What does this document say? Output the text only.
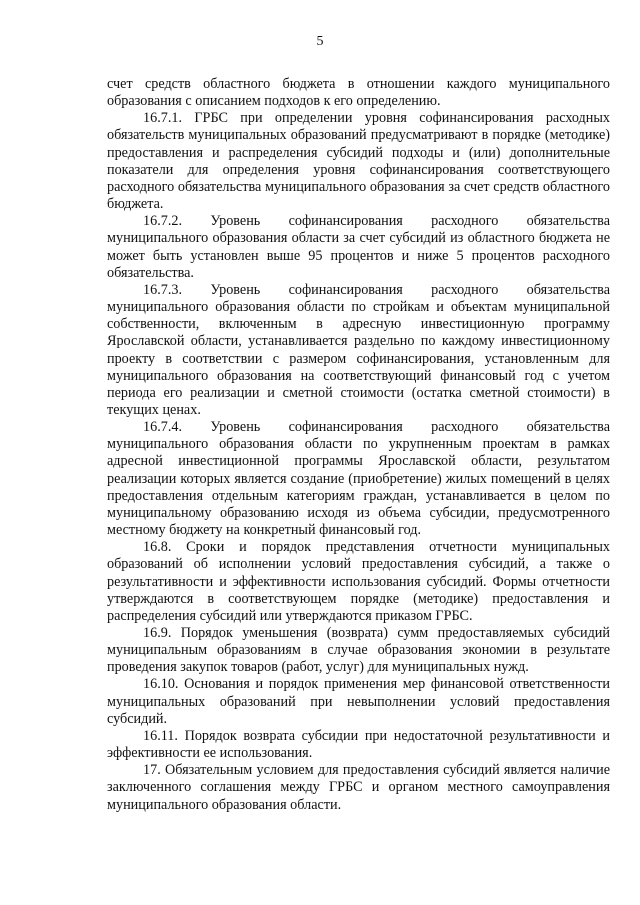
5

счет средств областного бюджета в отношении каждого муниципального образования с описанием подходов к его определению.

16.7.1. ГРБС при определении уровня софинансирования расходных обязательств муниципальных образований предусматривают в порядке (методике) предоставления и распределения субсидий подходы и (или) дополнительные показатели для определения уровня софинансирования соответствующего расходного обязательства муниципального образования за счет средств областного бюджета.

16.7.2. Уровень софинансирования расходного обязательства муниципального образования области за счет субсидий из областного бюджета не может быть установлен выше 95 процентов и ниже 5 процентов расходного обязательства.

16.7.3. Уровень софинансирования расходного обязательства муниципального образования области по стройкам и объектам муниципальной собственности, включенным в адресную инвестиционную программу Ярославской области, устанавливается раздельно по каждому инвестиционному проекту в соответствии с размером софинансирования, установленным для муниципального образования на соответствующий финансовый год с учетом периода его реализации и сметной стоимости (остатка сметной стоимости) в текущих ценах.

16.7.4. Уровень софинансирования расходного обязательства муниципального образования области по укрупненным проектам в рамках адресной инвестиционной программы Ярославской области, результатом реализации которых является создание (приобретение) жилых помещений в целях предоставления отдельным категориям граждан, устанавливается в целом по муниципальному образованию исходя из объема субсидии, предусмотренного местному бюджету на конкретный финансовый год.

16.8. Сроки и порядок представления отчетности муниципальных образований об исполнении условий предоставления субсидий, а также о результативности и эффективности использования субсидий. Формы отчетности утверждаются в соответствующем порядке (методике) предоставления и распределения субсидий или утверждаются приказом ГРБС.

16.9. Порядок уменьшения (возврата) сумм предоставляемых субсидий муниципальным образованиям в случае образования экономии в результате проведения закупок товаров (работ, услуг) для муниципальных нужд.

16.10. Основания и порядок применения мер финансовой ответственности муниципальных образований при невыполнении условий предоставления субсидий.

16.11. Порядок возврата субсидии при недостаточной результативности и эффективности ее использования.

17. Обязательным условием для предоставления субсидий является наличие заключенного соглашения между ГРБС и органом местного самоуправления муниципального образования области.
